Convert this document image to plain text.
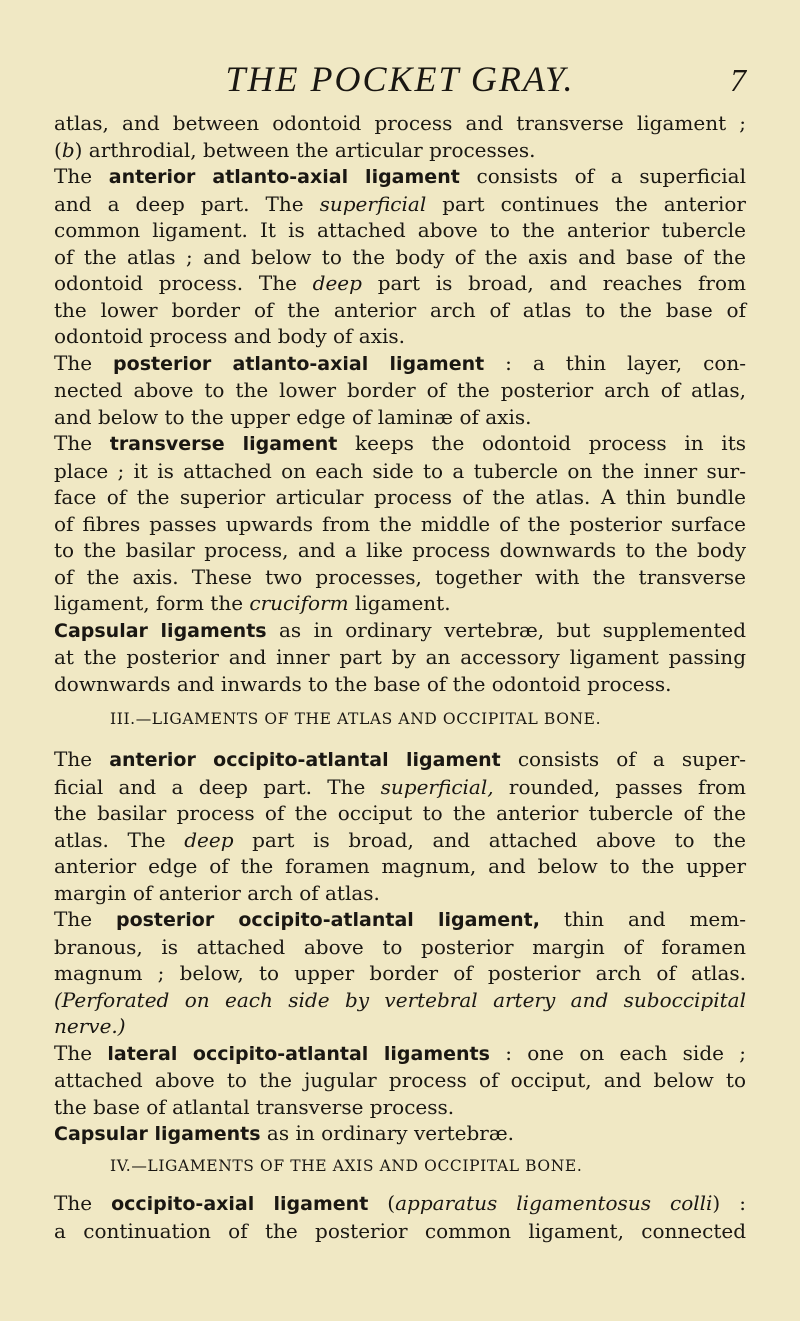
THE POCKET GRAY.	7
atlas, and between odontoid process and transverse ligament ;
(b) arthrodial, between the articular processes.
The anterior atlanto-axial ligament consists of a superficial
and a deep part. The superficial part continues the anterior
common ligament. It is attached above to the anterior tubercle
of the atlas ; and below to the body of the axis and base of the
odontoid process. The deep part is broad, and reaches from
the lower border of the anterior arch of atlas to the base of
odontoid process and body of axis.
The posterior atlanto-axial ligament : a thin layer, con-
nected above to the lower border of the posterior arch of atlas,
and below to the upper edge of laminæ of axis.
The transverse ligament keeps the odontoid process in its
place ; it is attached on each side to a tubercle on the inner sur-
face of the superior articular process of the atlas. A thin bundle
of fibres passes upwards from the middle of the posterior surface
to the basilar process, and a like process downwards to the body
of the axis. These two processes, together with the transverse
ligament, form the cruciform ligament.
Capsular ligaments as in ordinary vertebræ, but supplemented
at the posterior and inner part by an accessory ligament passing
downwards and inwards to the base of the odontoid process.
III.—LIGAMENTS OF THE ATLAS AND OCCIPITAL BONE.
The anterior occipito-atlantal ligament consists of a super-
ficial and a deep part. The superficial, rounded, passes from
the basilar process of the occiput to the anterior tubercle of the
atlas. The deep part is broad, and attached above to the
anterior edge of the foramen magnum, and below to the upper
margin of anterior arch of atlas.
The posterior occipito-atlantal ligament, thin and mem-
branous, is attached above to posterior margin of foramen
magnum ; below, to upper border of posterior arch of atlas.
(Perforated on each side by vertebral artery and suboccipital
nerve.)
The lateral occipito-atlantal ligaments : one on each side ;
attached above to the jugular process of occiput, and below to
the base of atlantal transverse process.
Capsular ligaments as in ordinary vertebræ.
IV.—LIGAMENTS OF THE AXIS AND OCCIPITAL BONE.
The occipito-axial ligament (apparatus ligamentosus colli) :
a continuation of the posterior common ligament, connected
